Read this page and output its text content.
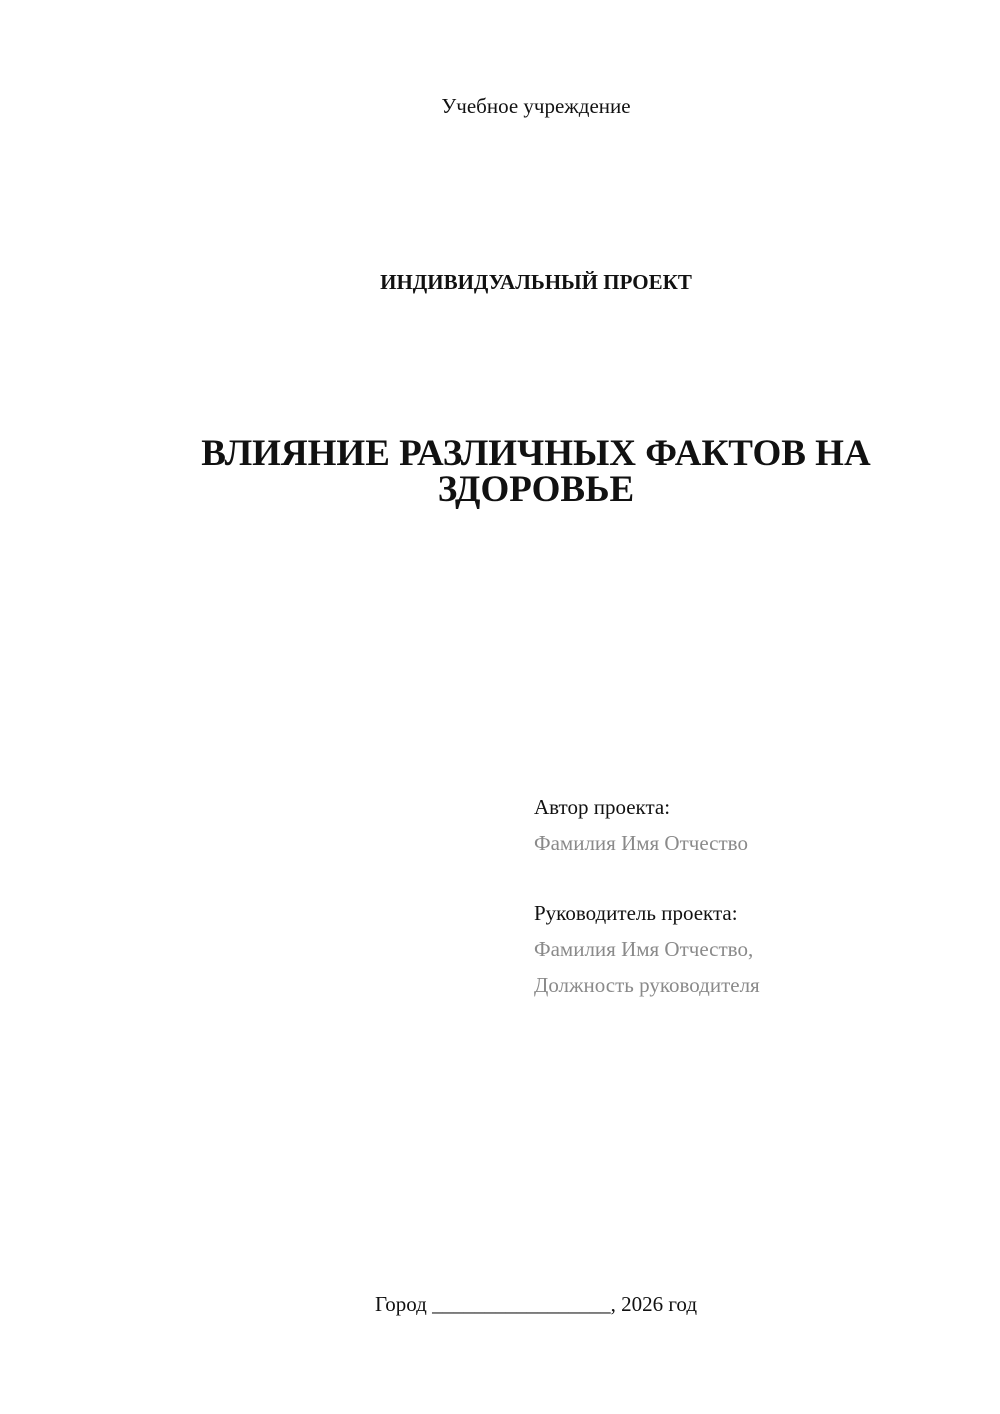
Учебное учреждение
ИНДИВИДУАЛЬНЫЙ ПРОЕКТ
ВЛИЯНИЕ РАЗЛИЧНЫХ ФАКТОВ НА
ЗДОРОВЬЕ
Автор проекта:
Фамилия Имя Отчество
Руководитель проекта:
Фамилия Имя Отчество,
Должность руководителя
Город _________________, 2026 год
